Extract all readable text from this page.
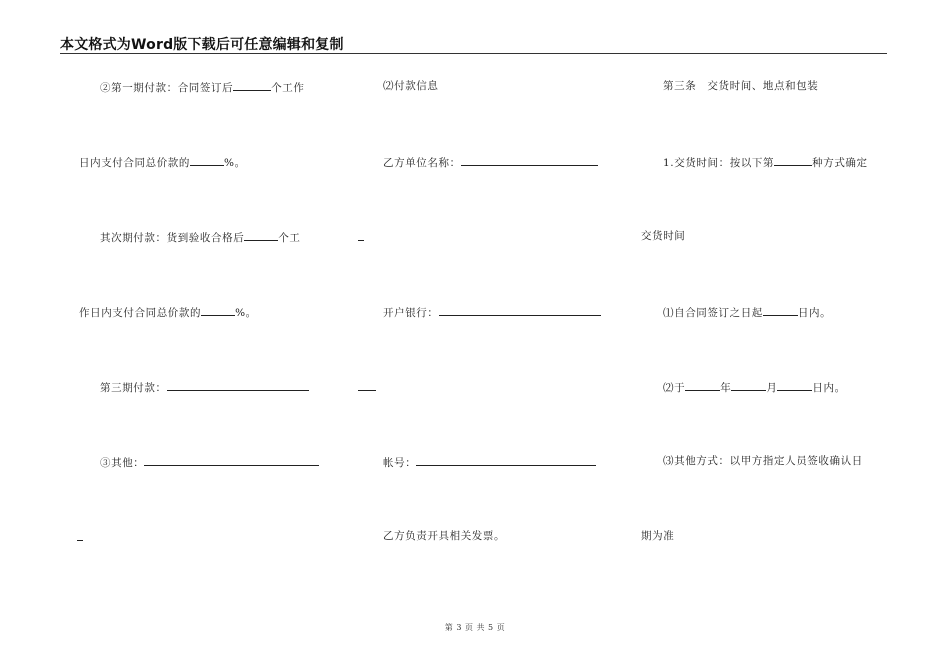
本文格式为Word版下载后可任意编辑和复制
②第一期付款：合同签订后	个工作
日内支付合同总价款的	%。
其次期付款：货到验收合格后	个工
作日内支付合同总价款的	%。
第三期付款：
③其他：
⑵付款信息
乙方单位名称：
开户银行：
帐号：
乙方负责开具相关发票。
第三条　交货时间、地点和包装
1.交货时间：按以下第	种方式确定
交货时间
⑴自合同签订之日起	日内。
⑵于	年	月	日内。
⑶其他方式：以甲方指定人员签收确认日
期为准
第 3 页 共 5 页
